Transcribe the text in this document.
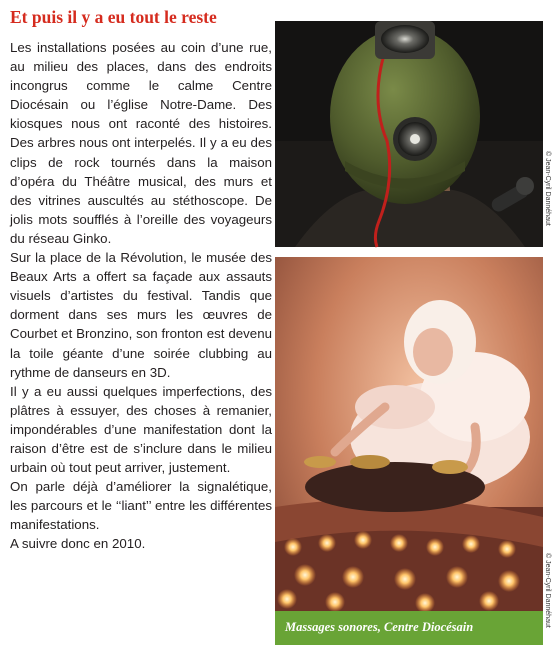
Et puis il y a eu tout le reste

Les installations posées au coin d’une rue, au milieu des places, dans des endroits incongrus comme le calme Centre Diocésain ou l’église Notre-Dame. Des kiosques nous ont raconté des histoires. Des arbres nous ont interpelés. Il y a eu des clips de rock tournés dans la maison d’opéra du Théâtre musical, des murs et des vitrines auscultés au stéthoscope. De jolis mots soufflés à l’oreille des voyageurs du réseau Ginko.

Sur la place de la Révolution, le musée des Beaux Arts a offert sa façade aux assauts visuels d’artistes du festival. Tandis que dorment dans ses murs les œuvres de Courbet et Bronzino, son fronton est devenu la toile géante d’une soirée clubbing au rythme de danseurs en 3D.

Il y a eu aussi quelques imperfections, des plâtres à essuyer, des choses à remanier, impondérables d’une manifestation dont la raison d’être est de s’inclure dans le milieu urbain où tout peut arriver, justement.

On parle déjà d’améliorer la signalétique, les parcours et le ‘‘liant’’ entre les différentes manifestations.

A suivre donc en 2010.

© Jean-Cyril Dannéhaut
© Jean-Cyril Dannéhaut
Massages sonores, Centre Diocésain
